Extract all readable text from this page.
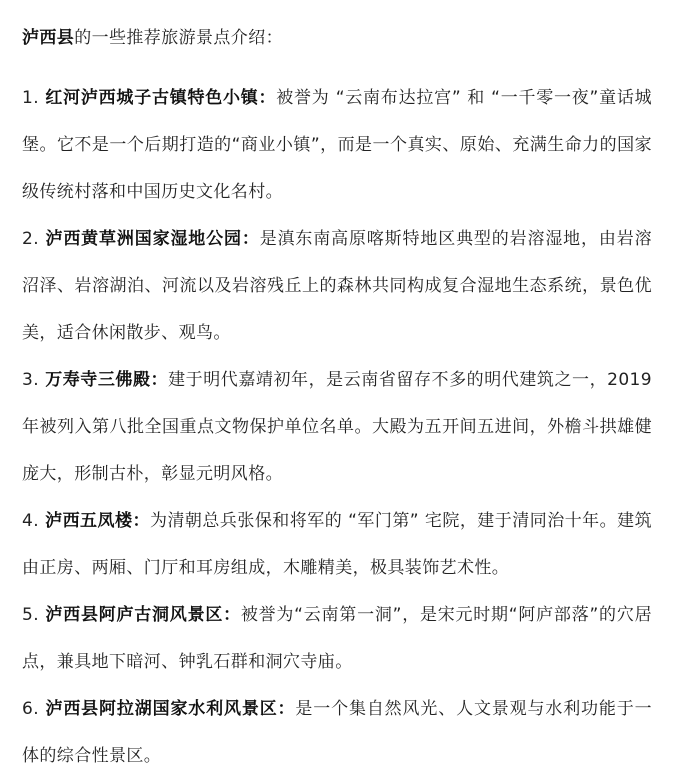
泸西县的一些推荐旅游景点介绍：

1. 红河泸西城子古镇特色小镇：被誉为 “云南布达拉宫” 和 “一千零一夜”童话城堡。它不是一个后期打造的“商业小镇”，而是一个真实、原始、充满生命力的国家级传统村落和中国历史文化名村。

2. 泸西黄草洲国家湿地公园：是滇东南高原喀斯特地区典型的岩溶湿地，由岩溶沼泽、岩溶湖泊、河流以及岩溶残丘上的森林共同构成复合湿地生态系统，景色优美，适合休闲散步、观鸟。

3. 万寿寺三佛殿：建于明代嘉靖初年，是云南省留存不多的明代建筑之一，2019年被列入第八批全国重点文物保护单位名单。大殿为五开间五进间，外檐斗拱雄健庞大，形制古朴，彰显元明风格。

4. 泸西五凤楼：为清朝总兵张保和将军的 “军门第” 宅院，建于清同治十年。建筑由正房、两厢、门厅和耳房组成，木雕精美，极具装饰艺术性。

5. 泸西县阿庐古洞风景区：被誉为“云南第一洞”，是宋元时期“阿庐部落”的穴居点，兼具地下暗河、钟乳石群和洞穴寺庙。

6. 泸西县阿拉湖国家水利风景区：是一个集自然风光、人文景观与水利功能于一体的综合性景区。
